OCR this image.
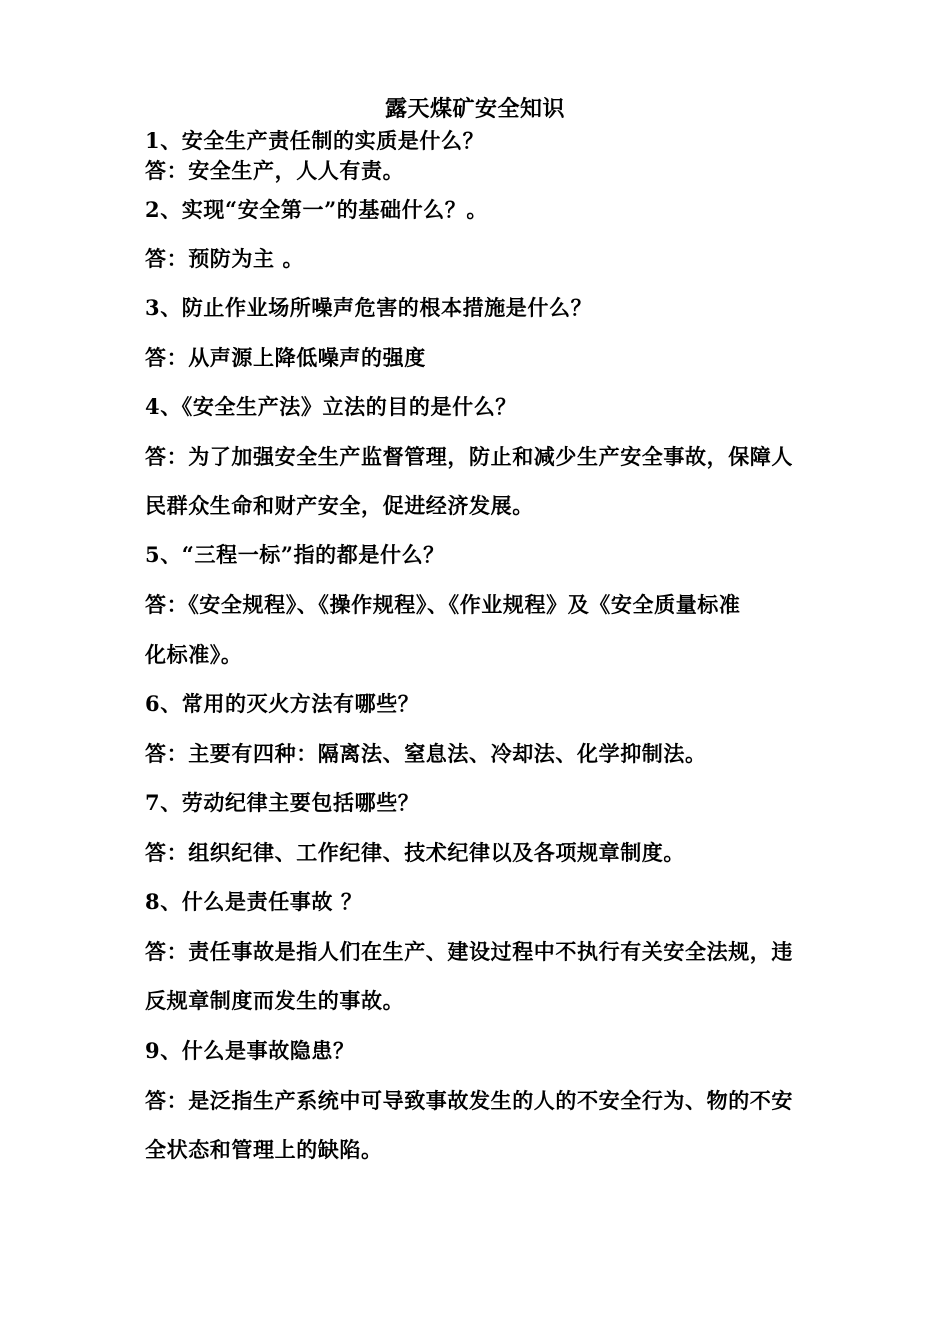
露天煤矿安全知识
1、安全生产责任制的实质是什么？
答：安全生产，人人有责。
2、实现“安全第一”的基础什么？。
答：预防为主 。
3、防止作业场所噪声危害的根本措施是什么？
答：从声源上降低噪声的强度
4、《安全生产法》立法的目的是什么？
答：为了加强安全生产监督管理，防止和减少生产安全事故，保障人
民群众生命和财产安全，促进经济发展。
5、“三程一标”指的都是什么？
答：《安全规程》、《操作规程》、《作业规程》及《安全质量标准
化标准》。
6、常用的灭火方法有哪些？
答：主要有四种：隔离法、窒息法、冷却法、化学抑制法。
7、劳动纪律主要包括哪些？
答：组织纪律、工作纪律、技术纪律以及各项规章制度。
8、什么是责任事故 ？
答：责任事故是指人们在生产、建设过程中不执行有关安全法规，违
反规章制度而发生的事故。
9、什么是事故隐患？
答：是泛指生产系统中可导致事故发生的人的不安全行为、物的不安
全状态和管理上的缺陷。
